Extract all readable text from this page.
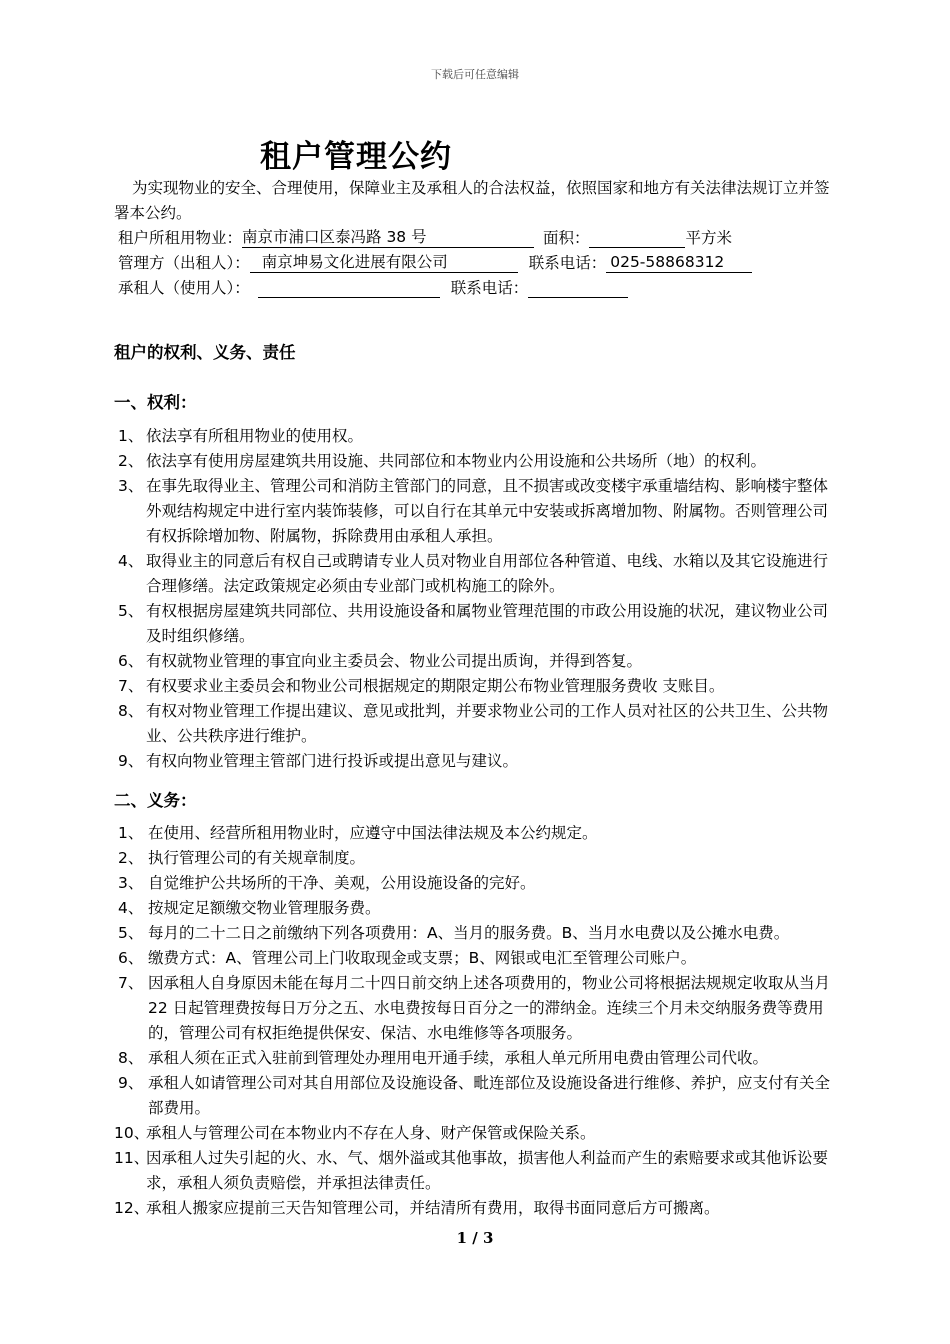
下载后可任意编辑
租户管理公约
为实现物业的安全、合理使用，保障业主及承租人的合法权益，依照国家和地方有关法律法规订立并签署本公约。
租户所租用物业：南京市浦口区泰冯路 38 号	面积：	平方米
管理方（出租人）： 南京坤易文化进展有限公司	联系电话： 025-58868312
承租人（使用人）：	联系电话：
租户的权利、义务、责任
一、权利：
1、 依法享有所租用物业的使用权。
2、 依法享有使用房屋建筑共用设施、共同部位和本物业内公用设施和公共场所（地）的权利。
3、 在事先取得业主、管理公司和消防主管部门的同意，且不损害或改变楼宇承重墙结构、影响楼宇整体外观结构规定中进行室内装饰装修，可以自行在其单元中安装或拆离增加物、附属物。否则管理公司有权拆除增加物、附属物，拆除费用由承租人承担。
4、 取得业主的同意后有权自己或聘请专业人员对物业自用部位各种管道、电线、水箱以及其它设施进行合理修缮。法定政策规定必须由专业部门或机构施工的除外。
5、 有权根据房屋建筑共同部位、共用设施设备和属物业管理范围的市政公用设施的状况，建议物业公司及时组织修缮。
6、 有权就物业管理的事宜向业主委员会、物业公司提出质询，并得到答复。
7、 有权要求业主委员会和物业公司根据规定的期限定期公布物业管理服务费收 支账目。
8、 有权对物业管理工作提出建议、意见或批判，并要求物业公司的工作人员对社区的公共卫生、公共物业、公共秩序进行维护。
9、 有权向物业管理主管部门进行投诉或提出意见与建议。
二、义务：
1、 在使用、经营所租用物业时，应遵守中国法律法规及本公约规定。
2、 执行管理公司的有关规章制度。
3、 自觉维护公共场所的干净、美观，公用设施设备的完好。
4、 按规定足额缴交物业管理服务费。
5、 每月的二十二日之前缴纳下列各项费用：A、当月的服务费。B、当月水电费以及公摊水电费。
6、 缴费方式：A、管理公司上门收取现金或支票；B、网银或电汇至管理公司账户。
7、 因承租人自身原因未能在每月二十四日前交纳上述各项费用的，物业公司将根据法规规定收取从当月 22 日起管理费按每日万分之五、水电费按每日百分之一的滞纳金。连续三个月未交纳服务费等费用的，管理公司有权拒绝提供保安、保洁、水电维修等各项服务。
8、 承租人须在正式入驻前到管理处办理用电开通手续，承租人单元所用电费由管理公司代收。
9、 承租人如请管理公司对其自用部位及设施设备、毗连部位及设施设备进行维修、养护，应支付有关全部费用。
10、
承租人与管理公司在本物业内不存在人身、财产保管或保险关系。
11、
因承租人过失引起的火、水、气、烟外溢或其他事故，损害他人利益而产生的索赔要求或其他诉讼要求，承租人须负责赔偿，并承担法律责任。
12、
承租人搬家应提前三天告知管理公司，并结清所有费用，取得书面同意后方可搬离。
1 / 3
